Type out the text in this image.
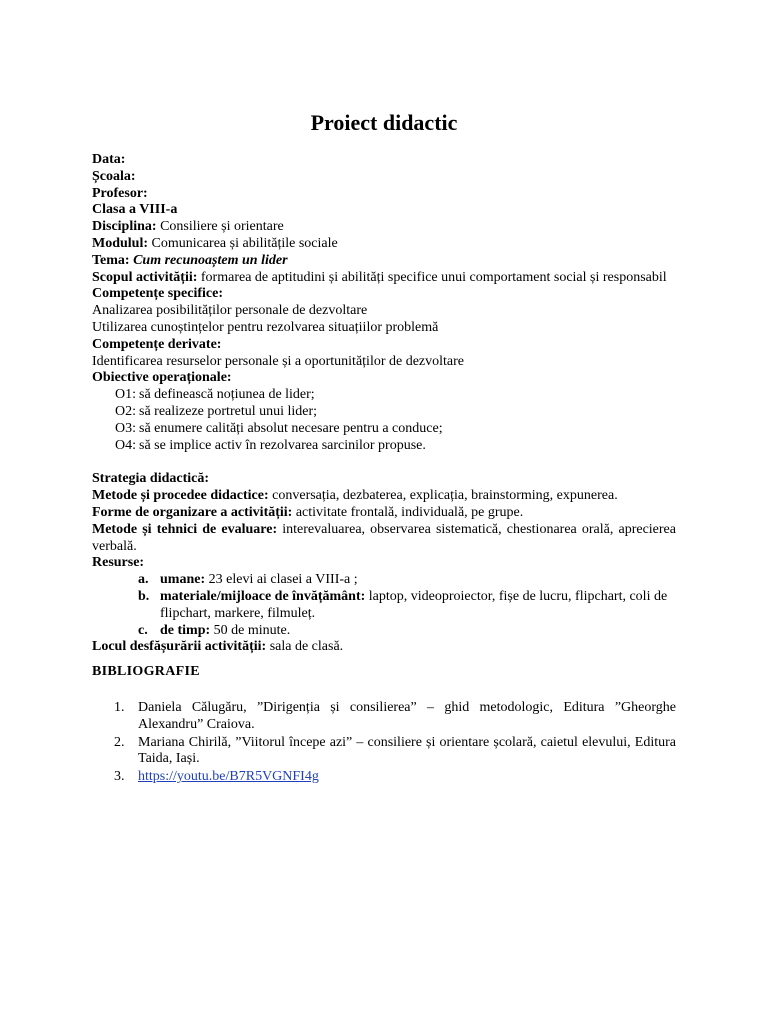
Proiect didactic
Data:
Școala:
Profesor:
Clasa a VIII-a
Disciplina: Consiliere și orientare
Modulul: Comunicarea și abilitățile sociale
Tema: Cum recunoaștem un lider
Scopul activității: formarea de aptitudini și abilități specifice unui comportament social și responsabil
Competențe specifice:
Analizarea posibilităților personale de dezvoltare
Utilizarea cunoștințelor pentru rezolvarea situațiilor problemă
Competențe derivate:
Identificarea resurselor personale și a oportunităților de dezvoltare
Obiective operaționale:
O1: să definească noțiunea de lider;
O2: să realizeze portretul unui lider;
O3: să enumere calități absolut necesare pentru a conduce;
O4: să se implice activ în rezolvarea sarcinilor propuse.
Strategia didactică:
Metode și procedee didactice: conversația, dezbaterea, explicația, brainstorming, expunerea.
Forme de organizare a activității: activitate frontală, individuală, pe grupe.
Metode și tehnici de evaluare: interevaluarea, observarea sistematică, chestionarea orală, aprecierea verbală.
Resurse:
a. umane: 23 elevi ai clasei a VIII-a ;
b. materiale/mijloace de învățământ: laptop, videoproiector, fișe de lucru, flipchart, coli de flipchart, markere, filmuleț.
c. de timp: 50 de minute.
Locul desfășurării activității: sala de clasă.
BIBLIOGRAFIE
1. Daniela Călugăru, ”Dirigenția și consilierea” – ghid metodologic, Editura ”Gheorghe Alexandru” Craiova.
2. Mariana Chirilă, ”Viitorul începe azi” – consiliere și orientare școlară, caietul elevului, Editura Taida, Iași.
3. https://youtu.be/B7R5VGNFI4g
